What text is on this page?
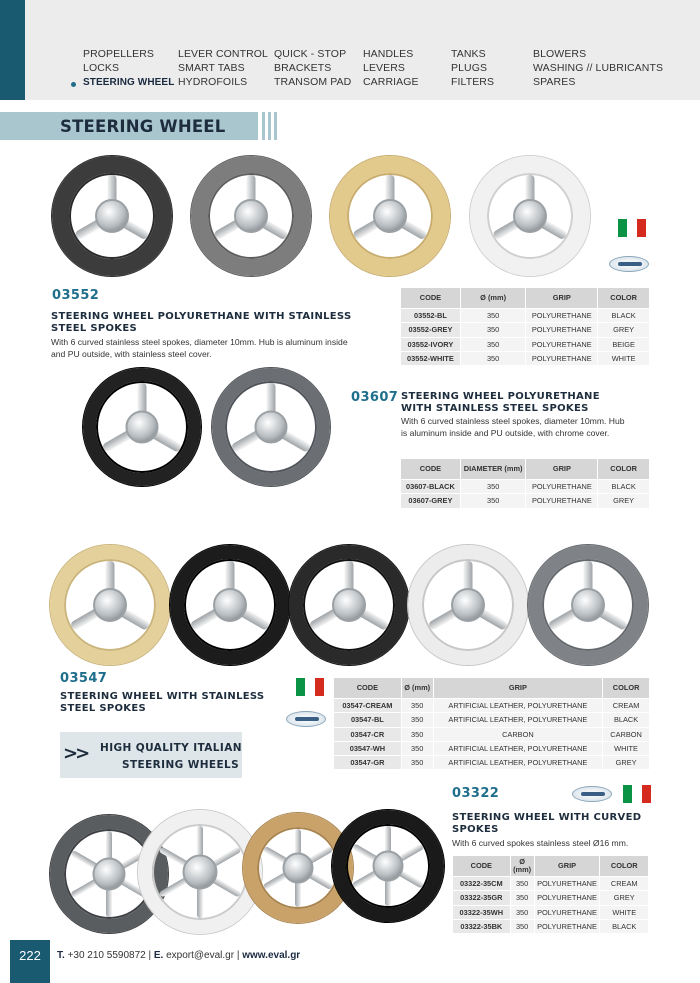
PROPELLERS
LOCKS
STEERING WHEEL
LEVER CONTROL
SMART TABS
HYDROFOILS
QUICK - STOP
BRACKETS
TRANSOM PAD
HANDLES
LEVERS
CARRIAGE
TANKS
PLUGS
FILTERS
BLOWERS
WASHING // LUBRICANTS
SPARES
STEERING WHEEL
03552
STEERING WHEEL POLYURETHANE WITH STAINLESS
STEEL SPOKES
With 6 curved stainless steel spokes, diameter 10mm. Hub is aluminum inside
and PU outside, with stainless steel cover.
CODE	Ø (mm)	GRIP	COLOR
03552-BL	350	POLYURETHANE	BLACK
03552-GREY	350	POLYURETHANE	GREY
03552-IVORY	350	POLYURETHANE	BEIGE
03552-WHITE	350	POLYURETHANE	WHITE
03607 STEERING WHEEL POLYURETHANE
WITH STAINLESS STEEL SPOKES
With 6 curved stainless steel spokes, diameter 10mm. Hub
is aluminum inside and PU outside, with chrome cover.
CODE	DIAMETER (mm)	GRIP	COLOR
03607-BLACK	350	POLYURETHANE	BLACK
03607-GREY	350	POLYURETHANE	GREY
03547
STEERING WHEEL WITH STAINLESS
STEEL SPOKES
CODE	Ø (mm)	GRIP	COLOR
03547-CREAM	350	ARTIFICIAL LEATHER, POLYURETHANE	CREAM
03547-BL	350	ARTIFICIAL LEATHER, POLYURETHANE	BLACK
03547-CR	350	CARBON	CARBON
03547-WH	350	ARTIFICIAL LEATHER, POLYURETHANE	WHITE
03547-GR	350	ARTIFICIAL LEATHER, POLYURETHANE	GREY
>> HIGH QUALITY ITALIAN
STEERING WHEELS
03322
STEERING WHEEL WITH CURVED
SPOKES
With 6 curved spokes stainless steel Ø16 mm.
CODE	Ø (mm)	GRIP	COLOR
03322-35CM	350	POLYURETHANE	CREAM
03322-35GR	350	POLYURETHANE	GREY
03322-35WH	350	POLYURETHANE	WHITE
03322-35BK	350	POLYURETHANE	BLACK
222	T. +30 210 5590872 | E. export@eval.gr | www.eval.gr
